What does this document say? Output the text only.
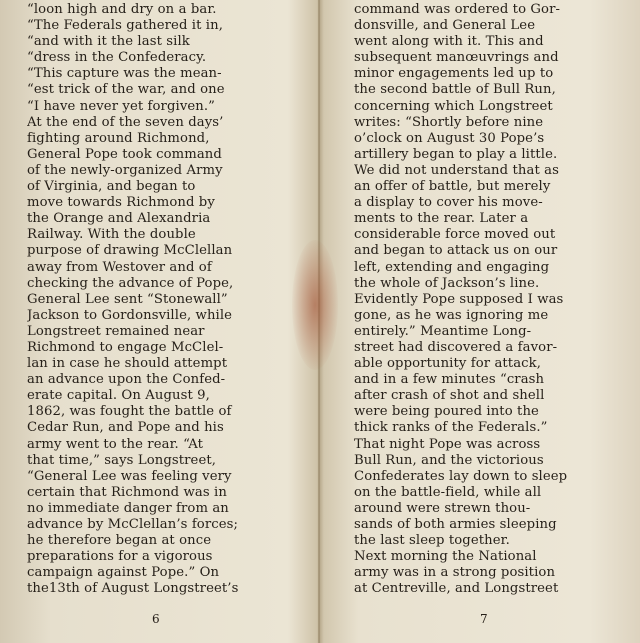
“loon high and dry on a bar.
“The Federals gathered it in,
“and with it the last silk
“dress in the Confederacy.
“This capture was the mean-
“est trick of the war, and one
“I have never yet forgiven.”
At the end of the seven days’
fighting around Richmond,
General Pope took command
of the newly-organized Army
of Virginia, and began to
move towards Richmond by
the Orange and Alexandria
Railway. With the double
purpose of drawing McClellan
away from Westover and of
checking the advance of Pope,
General Lee sent “Stonewall”
Jackson to Gordonsville, while
Longstreet remained near
Richmond to engage McClel-
lan in case he should attempt
an advance upon the Confed-
erate capital. On August 9,
1862, was fought the battle of
Cedar Run, and Pope and his
army went to the rear. “At
that time,” says Longstreet,
“General Lee was feeling very
certain that Richmond was in
no immediate danger from an
advance by McClellan’s forces;
he therefore began at once
preparations for a vigorous
campaign against Pope.” On
the13th of August Longstreet’s
command was ordered to Gor-
donsville, and General Lee
went along with it. This and
subsequent manœuvrings and
minor engagements led up to
the second battle of Bull Run,
concerning which Longstreet
writes: “Shortly before nine
o’clock on August 30 Pope’s
artillery began to play a little.
We did not understand that as
an offer of battle, but merely
a display to cover his move-
ments to the rear. Later a
considerable force moved out
and began to attack us on our
left, extending and engaging
the whole of Jackson’s line.
Evidently Pope supposed I was
gone, as he was ignoring me
entirely.” Meantime Long-
street had discovered a favor-
able opportunity for attack,
and in a few minutes “crash
after crash of shot and shell
were being poured into the
thick ranks of the Federals.”
That night Pope was across
Bull Run, and the victorious
Confederates lay down to sleep
on the battle-field, while all
around were strewn thou-
sands of both armies sleeping
the last sleep together.
Next morning the National
army was in a strong position
at Centreville, and Longstreet
6	7
